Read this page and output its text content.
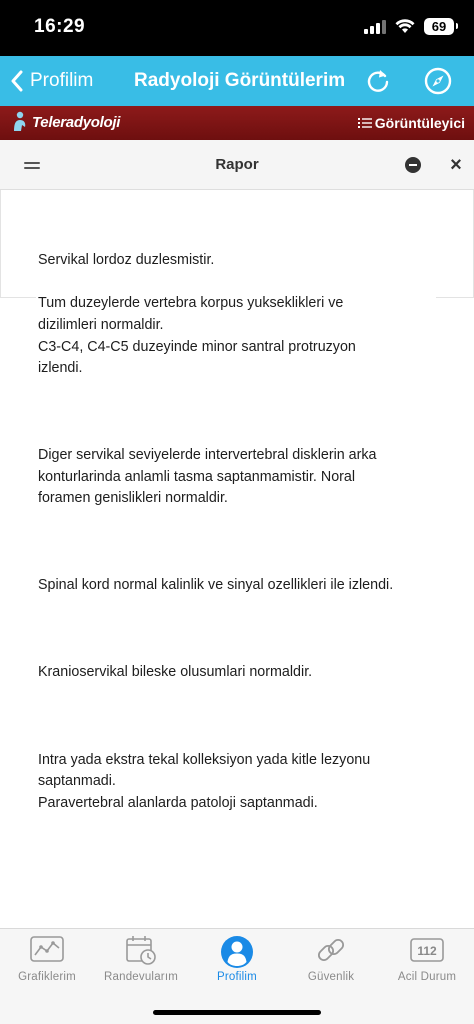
16:29	69
Profilim Radyoloji Görüntülerim
Teleradyoloji	Görüntüleyici
Rapor	×

Servikal lordoz duzlesmistir.

Tum duzeylerde vertebra korpus yukseklikleri ve

dizilimleri normaldir.

C3-C4, C4-C5 duzeyinde minor santral protruzyon

izlendi.

Diger servikal seviyelerde intervertebral disklerin arka

konturlarinda anlamli tasma saptanmamistir. Noral

foramen genislikleri normaldir.

Spinal kord normal kalinlik ve sinyal ozellikleri ile izlendi.

Kranioservikal bileske olusumlari normaldir.

Intra yada ekstra tekal kolleksiyon yada kitle lezyonu

saptanmadi.

Paravertebral alanlarda patoloji saptanmadi.

Grafiklerim Randevularım	Profilim	Güvenlik
112
Acil Durum
